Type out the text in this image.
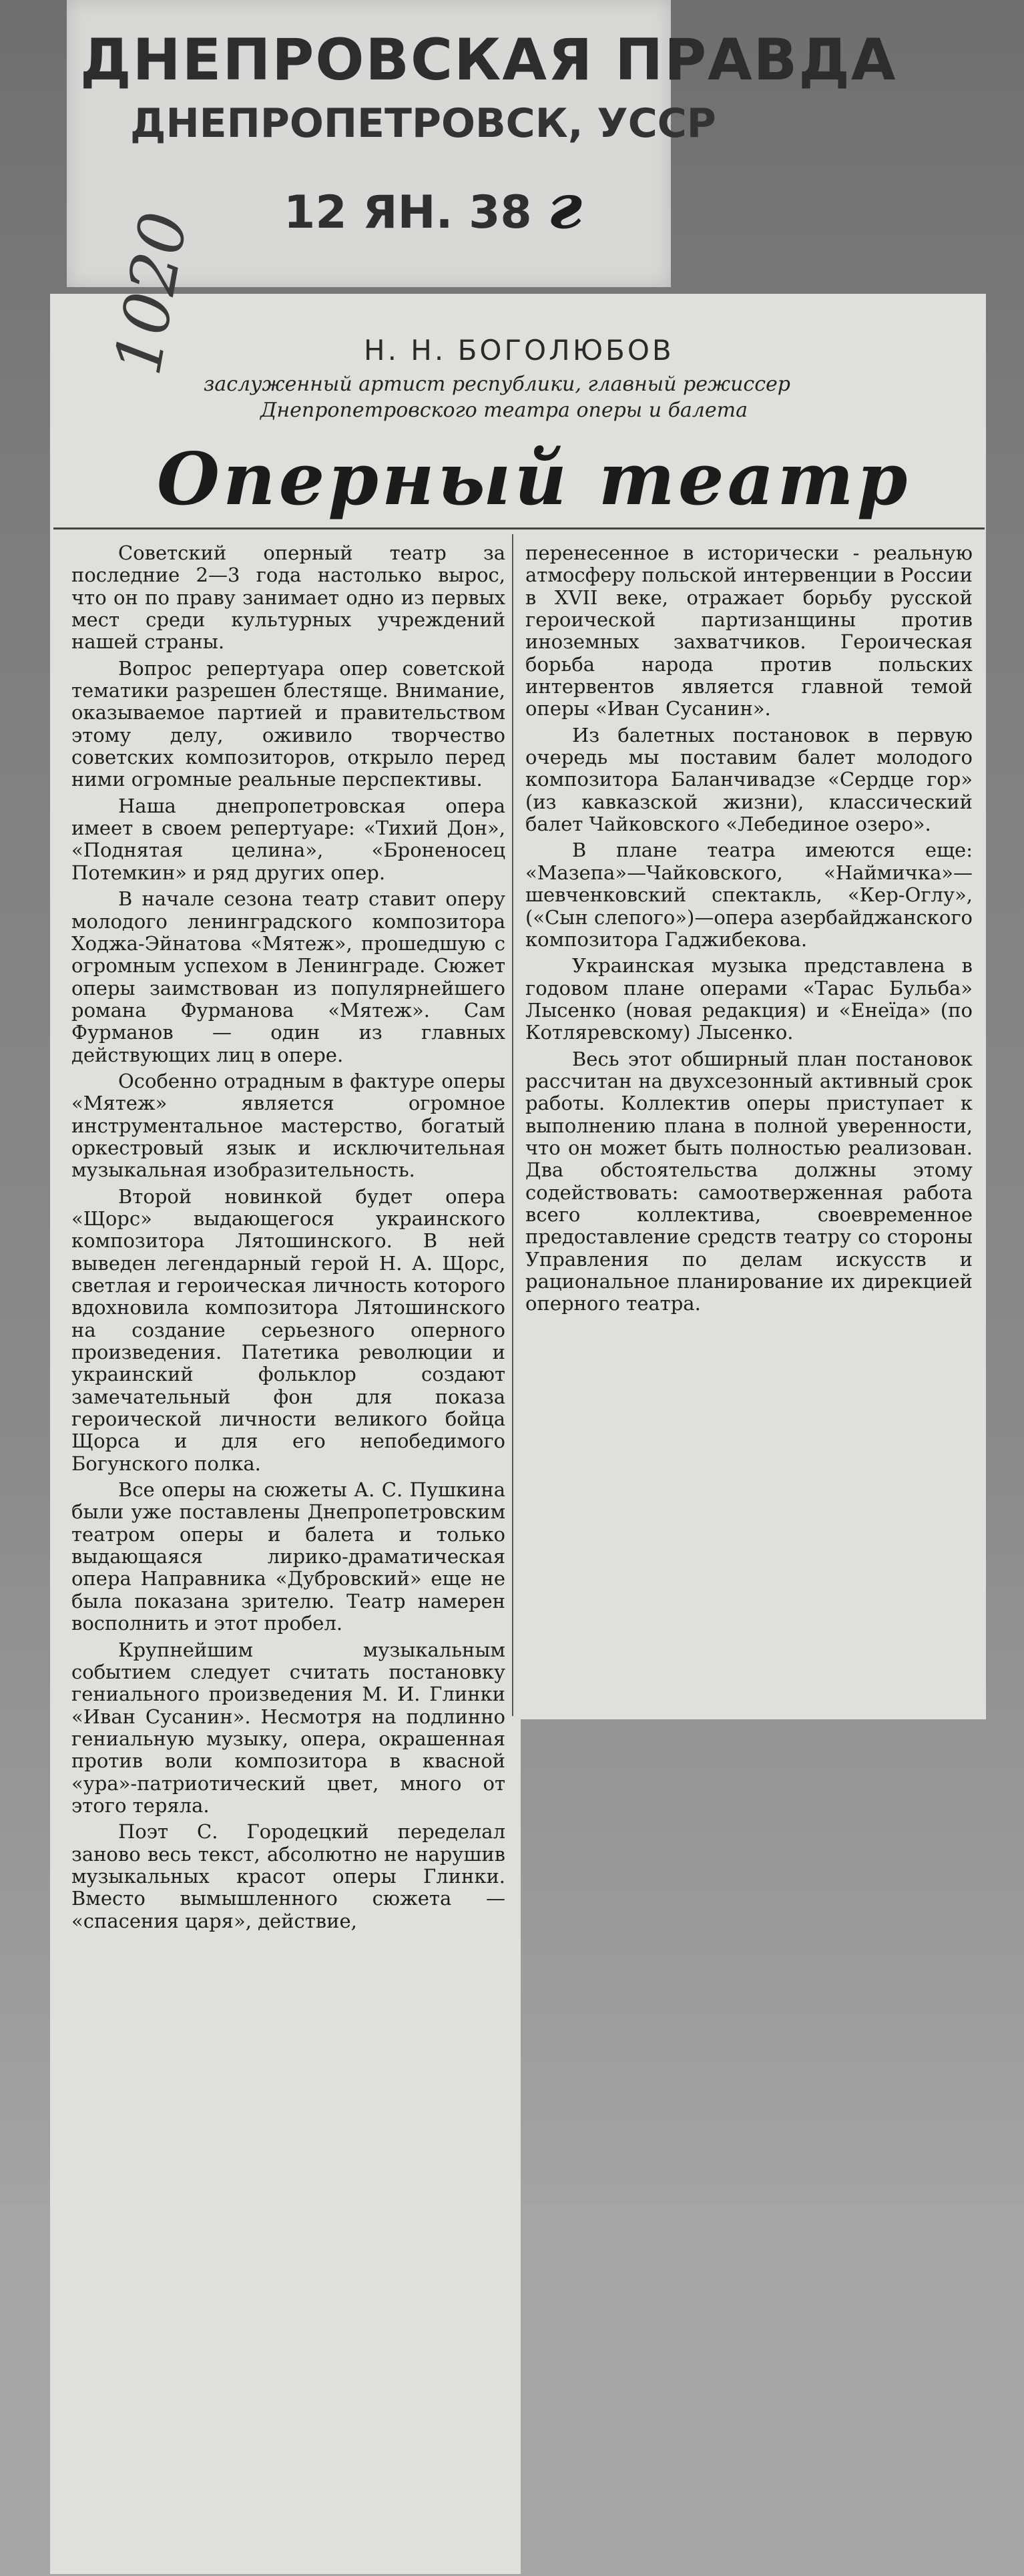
ДНЕПРОВСКАЯ ПРАВДА
ДНЕПРОПЕТРОВСК, УССР
12 ЯН. 38 г
1020	Н. Н. БОГОЛЮБОВ
заслуженный артист республики, главный режиссер
Днепропетровского театра оперы и балета
Оперный театр

Советский оперный театр за последние 2—3 года настолько вырос, что он по праву занимает одно из первых мест среди культурных учреждений нашей страны.

Вопрос репертуара опер советской тематики разрешен блестяще. Внимание, оказываемое партией и правительством этому делу, оживило творчество советских композиторов, открыло перед ними огромные реальные перспективы.

Наша днепропетровская опера имеет в своем репертуаре: «Тихий Дон», «Поднятая целина», «Броненосец Потемкин» и ряд других опер.

В начале сезона театр ставит оперу молодого ленинградского композитора Ходжа-Эйнатова «Мятеж», прошедшую с огромным успехом в Ленинграде. Сюжет оперы заимствован из популярнейшего романа Фурманова «Мятеж». Сам Фурманов — один из главных действующих лиц в опере.

Особенно отрадным в фактуре оперы «Мятеж» является огромное инструментальное мастерство, богатый оркестровый язык и исключительная музыкальная изобразительность.

Второй новинкой будет опера «Щорс» выдающегося украинского композитора Лятошинского. В ней выведен легендарный герой Н. А. Щорс, светлая и героическая личность которого вдохновила композитора Лятошинского на создание серьезного оперного произведения. Патетика революции и украинский фольклор создают замечательный фон для показа героической личности великого бойца Щорса и для его непобедимого Богунского полка.

Все оперы на сюжеты А. С. Пушкина были уже поставлены Днепропетровским театром оперы и балета и только выдающаяся лирико-драматическая опера Направника «Дубровский» еще не была показана зрителю. Театр намерен восполнить и этот пробел.

Крупнейшим музыкальным событием следует считать постановку гениального произведения М. И. Глинки «Иван Сусанин». Несмотря на подлинно гениальную музыку, опера, окрашенная против воли композитора в квасной «ура»-патриотический цвет, много от этого теряла.

Поэт С. Городецкий переделал заново весь текст, абсолютно не нарушив музыкальных красот оперы Глинки. Вместо вымышленного сюжета — «спасения царя», действие,

перенесенное в исторически - реальную атмосферу польской интервенции в России в XVII веке, отражает борьбу русской героической партизанщины против иноземных захватчиков. Героическая борьба народа против польских интервентов является главной темой оперы «Иван Сусанин».

Из балетных постановок в первую очередь мы поставим балет молодого композитора Баланчивадзе «Сердце гор» (из кавказской жизни), классический балет Чайковского «Лебединое озеро».

В плане театра имеются еще: «Мазепа»—Чайковского, «Наймичка»—шевченковский спектакль, «Кер-Оглу», («Сын слепого»)—опера азербайджанского композитора Гаджибекова.

Украинская музыка представлена в годовом плане операми «Тарас Бульба» Лысенко (новая редакция) и «Енеїда» (по Котляревскому) Лысенко.

Весь этот обширный план постановок рассчитан на двухсезонный активный срок работы. Коллектив оперы приступает к выполнению плана в полной уверенности, что он может быть полностью реализован. Два обстоятельства должны этому содействовать: самоотверженная работа всего коллектива, своевременное предоставление средств театру со стороны Управления по делам искусств и рациональное планирование их дирекцией оперного театра.
